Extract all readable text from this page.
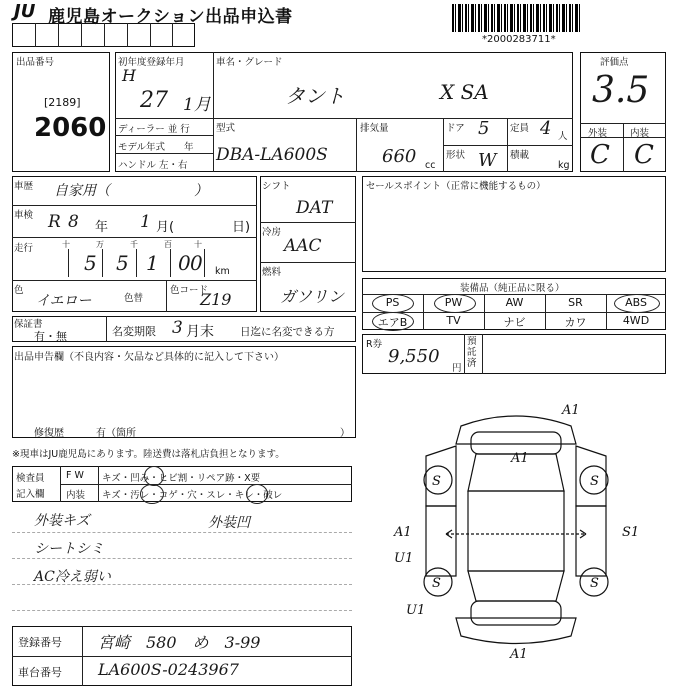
JU 鹿児島オークション出品申込書
*2000283711*
出品番号
[2189]
2060
初年度登録年月
H
27 1月
ディーラー 並 行
モデル年式　　年
ハンドル 左・右
車名・グレード
タント	X SA
型式
DBA-LA600S
排気量
660 cc
ドア 5 定員 4 人
形状 W 積載
kg
評価点
3.5
外装 内装
C C
車歴 自家用（　　　　　　）
車検 R 8 年 1 月(	日)
走行	十	万	千	百	十
5 5 1 0 0 km
色
イエロー	色替
色コード
Z19
シフト
DAT
冷房
AAC
燃料
ガソリン
セールスポイント（正常に機能するもの）
装備品（純正品に限る）
PS	PW	AW	SR	ABS
エアB	TV	ナビ	カワ	4WD
保証書
有・無	名変期限 3 月末 日迄に名変できる方
R券
9,550
円
預託済
出品申告欄（不良内容・欠品など具体的に記入して下さい）
修復歴	有（箇所	）
※現車はJU鹿児島にあります。陸送費は落札店負担となります。
検査員
記入欄
F W
内装
キズ・凹み・ヒビ割・リペア跡・X要
キズ・汚レ・コゲ・穴・スレ・キレ・破レ
外装キズ	外装凹
シートシミ
AC冷え弱い
A1
A1
S	S
S	S
A1
U1
U1
S1
A1
登録番号 宮崎　580　め　3-99
車台番号 LA600S-0243967
